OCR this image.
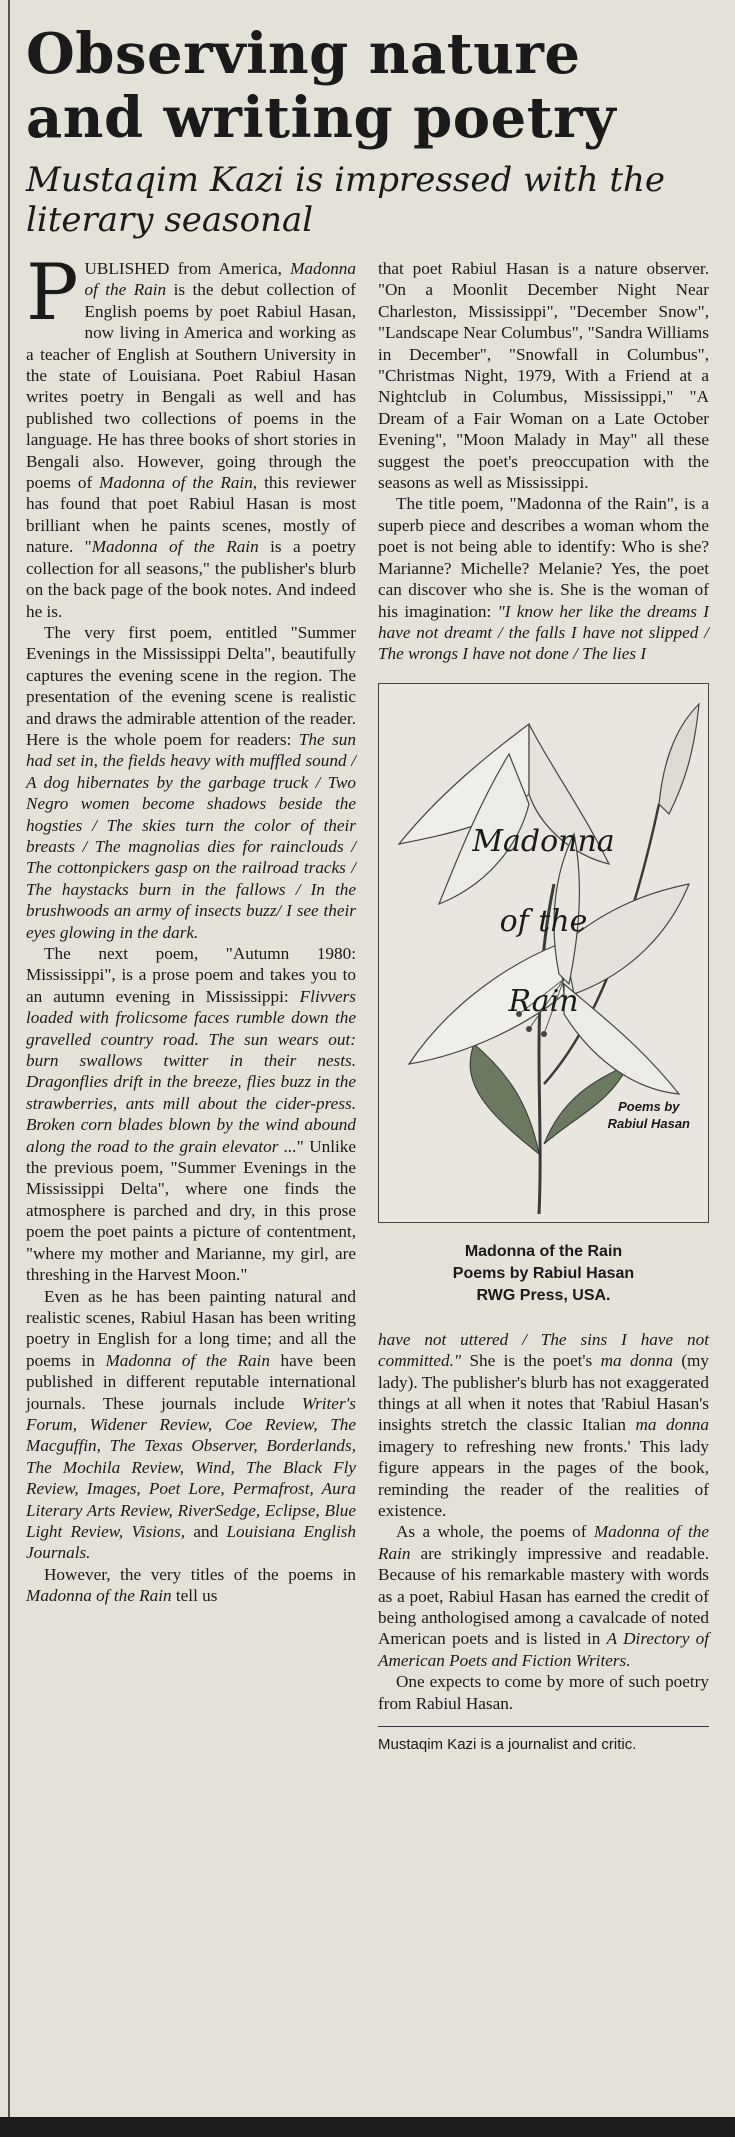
Observing nature and writing poetry
Mustaqim Kazi is impressed with the literary seasonal

PUBLISHED from America, Madonna of the Rain is the debut collection of English poems by poet Rabiul Hasan, now living in America and working as a teacher of English at Southern University in the state of Louisiana. Poet Rabiul Hasan writes poetry in Bengali as well and has published two collections of poems in the language. He has three books of short stories in Bengali also. However, going through the poems of Madonna of the Rain, this reviewer has found that poet Rabiul Hasan is most brilliant when he paints scenes, mostly of nature. "Madonna of the Rain is a poetry collection for all seasons," the publisher's blurb on the back page of the book notes. And indeed he is.

The very first poem, entitled "Summer Evenings in the Mississippi Delta", beautifully captures the evening scene in the region. The presentation of the evening scene is realistic and draws the admirable attention of the reader. Here is the whole poem for readers: The sun had set in, the fields heavy with muffled sound / A dog hibernates by the garbage truck / Two Negro women become shadows beside the hogsties / The skies turn the color of their breasts / The magnolias dies for rainclouds / The cottonpickers gasp on the railroad tracks / The haystacks burn in the fallows / In the brushwoods an army of insects buzz/ I see their eyes glowing in the dark.

The next poem, "Autumn 1980: Mississippi", is a prose poem and takes you to an autumn evening in Mississippi: Flivvers loaded with frolicsome faces rumble down the gravelled country road. The sun wears out: burn swallows twitter in their nests. Dragonflies drift in the breeze, flies buzz in the strawberries, ants mill about the cider-press. Broken corn blades blown by the wind abound along the road to the grain elevator ..." Unlike the previous poem, "Summer Evenings in the Mississippi Delta", where one finds the atmosphere is parched and dry, in this prose poem the poet paints a picture of contentment, "where my mother and Marianne, my girl, are threshing in the Harvest Moon."

Even as he has been painting natural and realistic scenes, Rabiul Hasan has been writing poetry in English for a long time; and all the poems in Madonna of the Rain have been published in different reputable international journals. These journals include Writer's Forum, Widener Review, Coe Review, The Macguffin, The Texas Observer, Borderlands, The Mochila Review, Wind, The Black Fly Review, Images, Poet Lore, Permafrost, Aura Literary Arts Review, RiverSedge, Eclipse, Blue Light Review, Visions, and Louisiana English Journals.

However, the very titles of the poems in Madonna of the Rain tell us

that poet Rabiul Hasan is a nature observer. "On a Moonlit December Night Near Charleston, Mississippi", "December Snow", "Landscape Near Columbus", "Sandra Williams in December", "Snowfall in Columbus", "Christmas Night, 1979, With a Friend at a Nightclub in Columbus, Mississippi," "A Dream of a Fair Woman on a Late October Evening", "Moon Malady in May" all these suggest the poet's preoccupation with the seasons as well as Mississippi.

The title poem, "Madonna of the Rain", is a superb piece and describes a woman whom the poet is not being able to identify: Who is she? Marianne? Michelle? Melanie? Yes, the poet can discover who she is. She is the woman of his imagination: "I know her like the dreams I have not dreamt / the falls I have not slipped / The wrongs I have not done / The lies I

Madonna
of the
Rain
Poems by
Rabiul Hasan
Madonna of the Rain
Poems by Rabiul Hasan
RWG Press, USA.

have not uttered / The sins I have not committed." She is the poet's ma donna (my lady). The publisher's blurb has not exaggerated things at all when it notes that 'Rabiul Hasan's insights stretch the classic Italian ma donna imagery to refreshing new fronts.' This lady figure appears in the pages of the book, reminding the reader of the realities of existence.

As a whole, the poems of Madonna of the Rain are strikingly impressive and readable. Because of his remarkable mastery with words as a poet, Rabiul Hasan has earned the credit of being anthologised among a cavalcade of noted American poets and is listed in A Directory of American Poets and Fiction Writers.

One expects to come by more of such poetry from Rabiul Hasan.

Mustaqim Kazi is a journalist and critic.
